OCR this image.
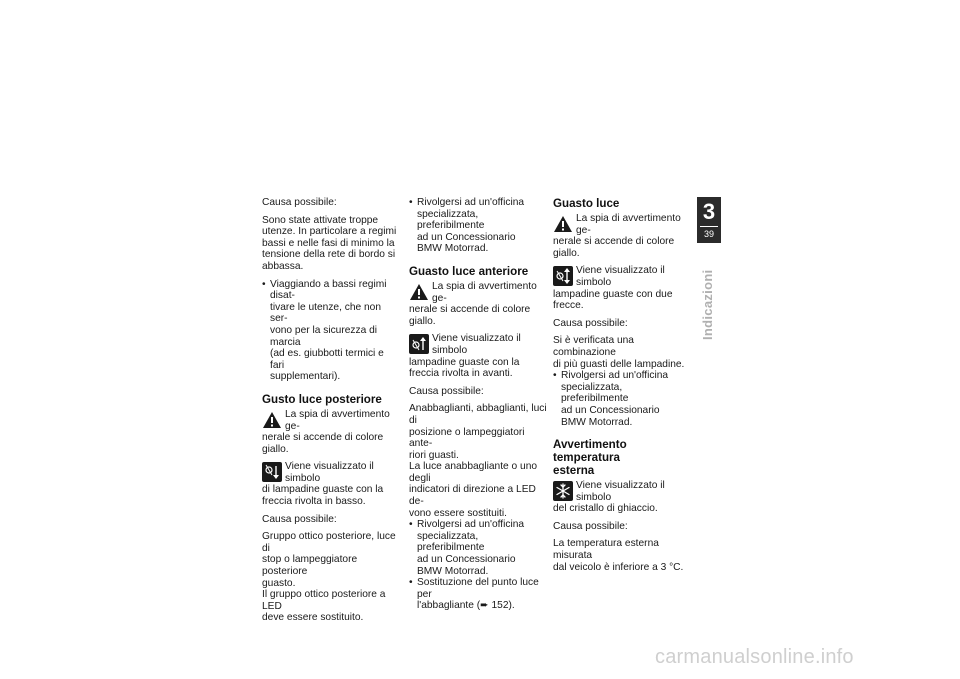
Causa possibile:

Sono state attivate troppe
utenze. In particolare a regimi
bassi e nelle fasi di minimo la
tensione della rete di bordo si
abbassa.

• Viaggiando a bassi regimi disat-
tivare le utenze, che non ser-
vono per la sicurezza di marcia
(ad es. giubbotti termici e fari
supplementari).
Gusto luce posteriore
La spia di avvertimento ge-
nerale si accende di colore
giallo.
Viene visualizzato il simbolo
di lampadine guaste con la
freccia rivolta in basso.

Causa possibile:

Gruppo ottico posteriore, luce di
stop o lampeggiatore posteriore
guasto.

Il gruppo ottico posteriore a LED
deve essere sostituito.

• Rivolgersi ad un'officina
specializzata, preferibilmente
ad un Concessionario
BMW Motorrad.
Guasto luce anteriore
La spia di avvertimento ge-
nerale si accende di colore
giallo.
Viene visualizzato il simbolo
lampadine guaste con la
freccia rivolta in avanti.

Causa possibile:

Anabbaglianti, abbaglianti, luci di
posizione o lampeggiatori ante-
riori guasti.

La luce anabbagliante o uno degli
indicatori di direzione a LED de-
vono essere sostituiti.

• Rivolgersi ad un'officina
specializzata, preferibilmente
ad un Concessionario
BMW Motorrad.
• Sostituzione del punto luce per
l'abbagliante (➨ 152).
Guasto luce
La spia di avvertimento ge-
nerale si accende di colore
giallo.
Viene visualizzato il simbolo
lampadine guaste con due
frecce.

Causa possibile:

Si è verificata una combinazione
di più guasti delle lampadine.

• Rivolgersi ad un'officina
specializzata, preferibilmente
ad un Concessionario
BMW Motorrad.
Avvertimento temperatura
esterna
Viene visualizzato il simbolo
del cristallo di ghiaccio.

Causa possibile:

La temperatura esterna misurata
dal veicolo è inferiore a 3 °C.

3
39
Indicazioni
carmanualsonline.info
